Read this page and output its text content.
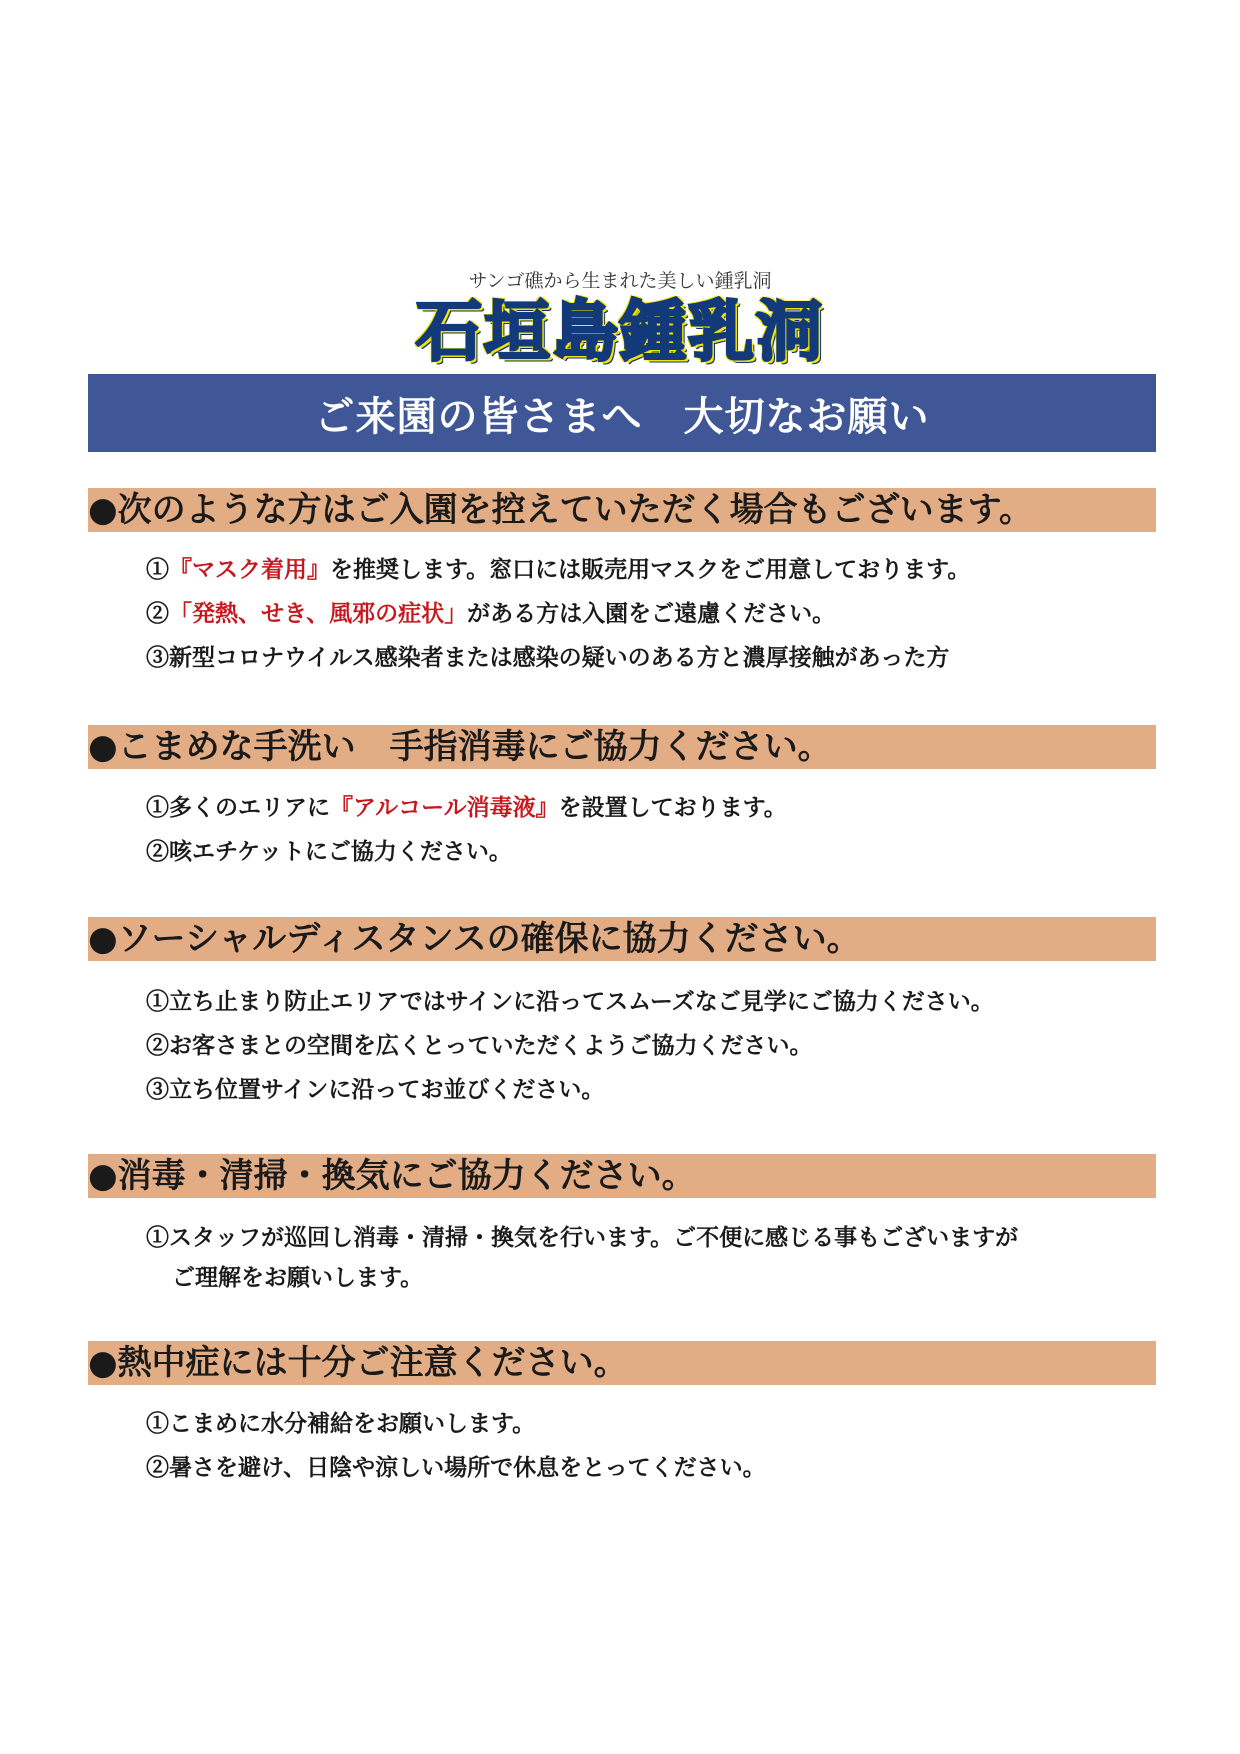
サンゴ礁から生まれた美しい鍾乳洞
石垣島鍾乳洞
ご来園の皆さまへ　大切なお願い
●次のような方はご入園を控えていただく場合もございます。
①『マスク着用』を推奨します。窓口には販売用マスクをご用意しております。
②「発熱、せき、風邪の症状」がある方は入園をご遠慮ください。
③新型コロナウイルス感染者または感染の疑いのある方と濃厚接触があった方
●こまめな手洗い　手指消毒にご協力ください。
①多くのエリアに『アルコール消毒液』を設置しております。
②咳エチケットにご協力ください。
●ソーシャルディスタンスの確保に協力ください。
①立ち止まり防止エリアではサインに沿ってスムーズなご見学にご協力ください。
②お客さまとの空間を広くとっていただくようご協力ください。
③立ち位置サインに沿ってお並びください。
●消毒・清掃・換気にご協力ください。
①スタッフが巡回し消毒・清掃・換気を行います。ご不便に感じる事もございますが
ご理解をお願いします。
●熱中症には十分ご注意ください。
①こまめに水分補給をお願いします。
②暑さを避け、日陰や涼しい場所で休息をとってください。
